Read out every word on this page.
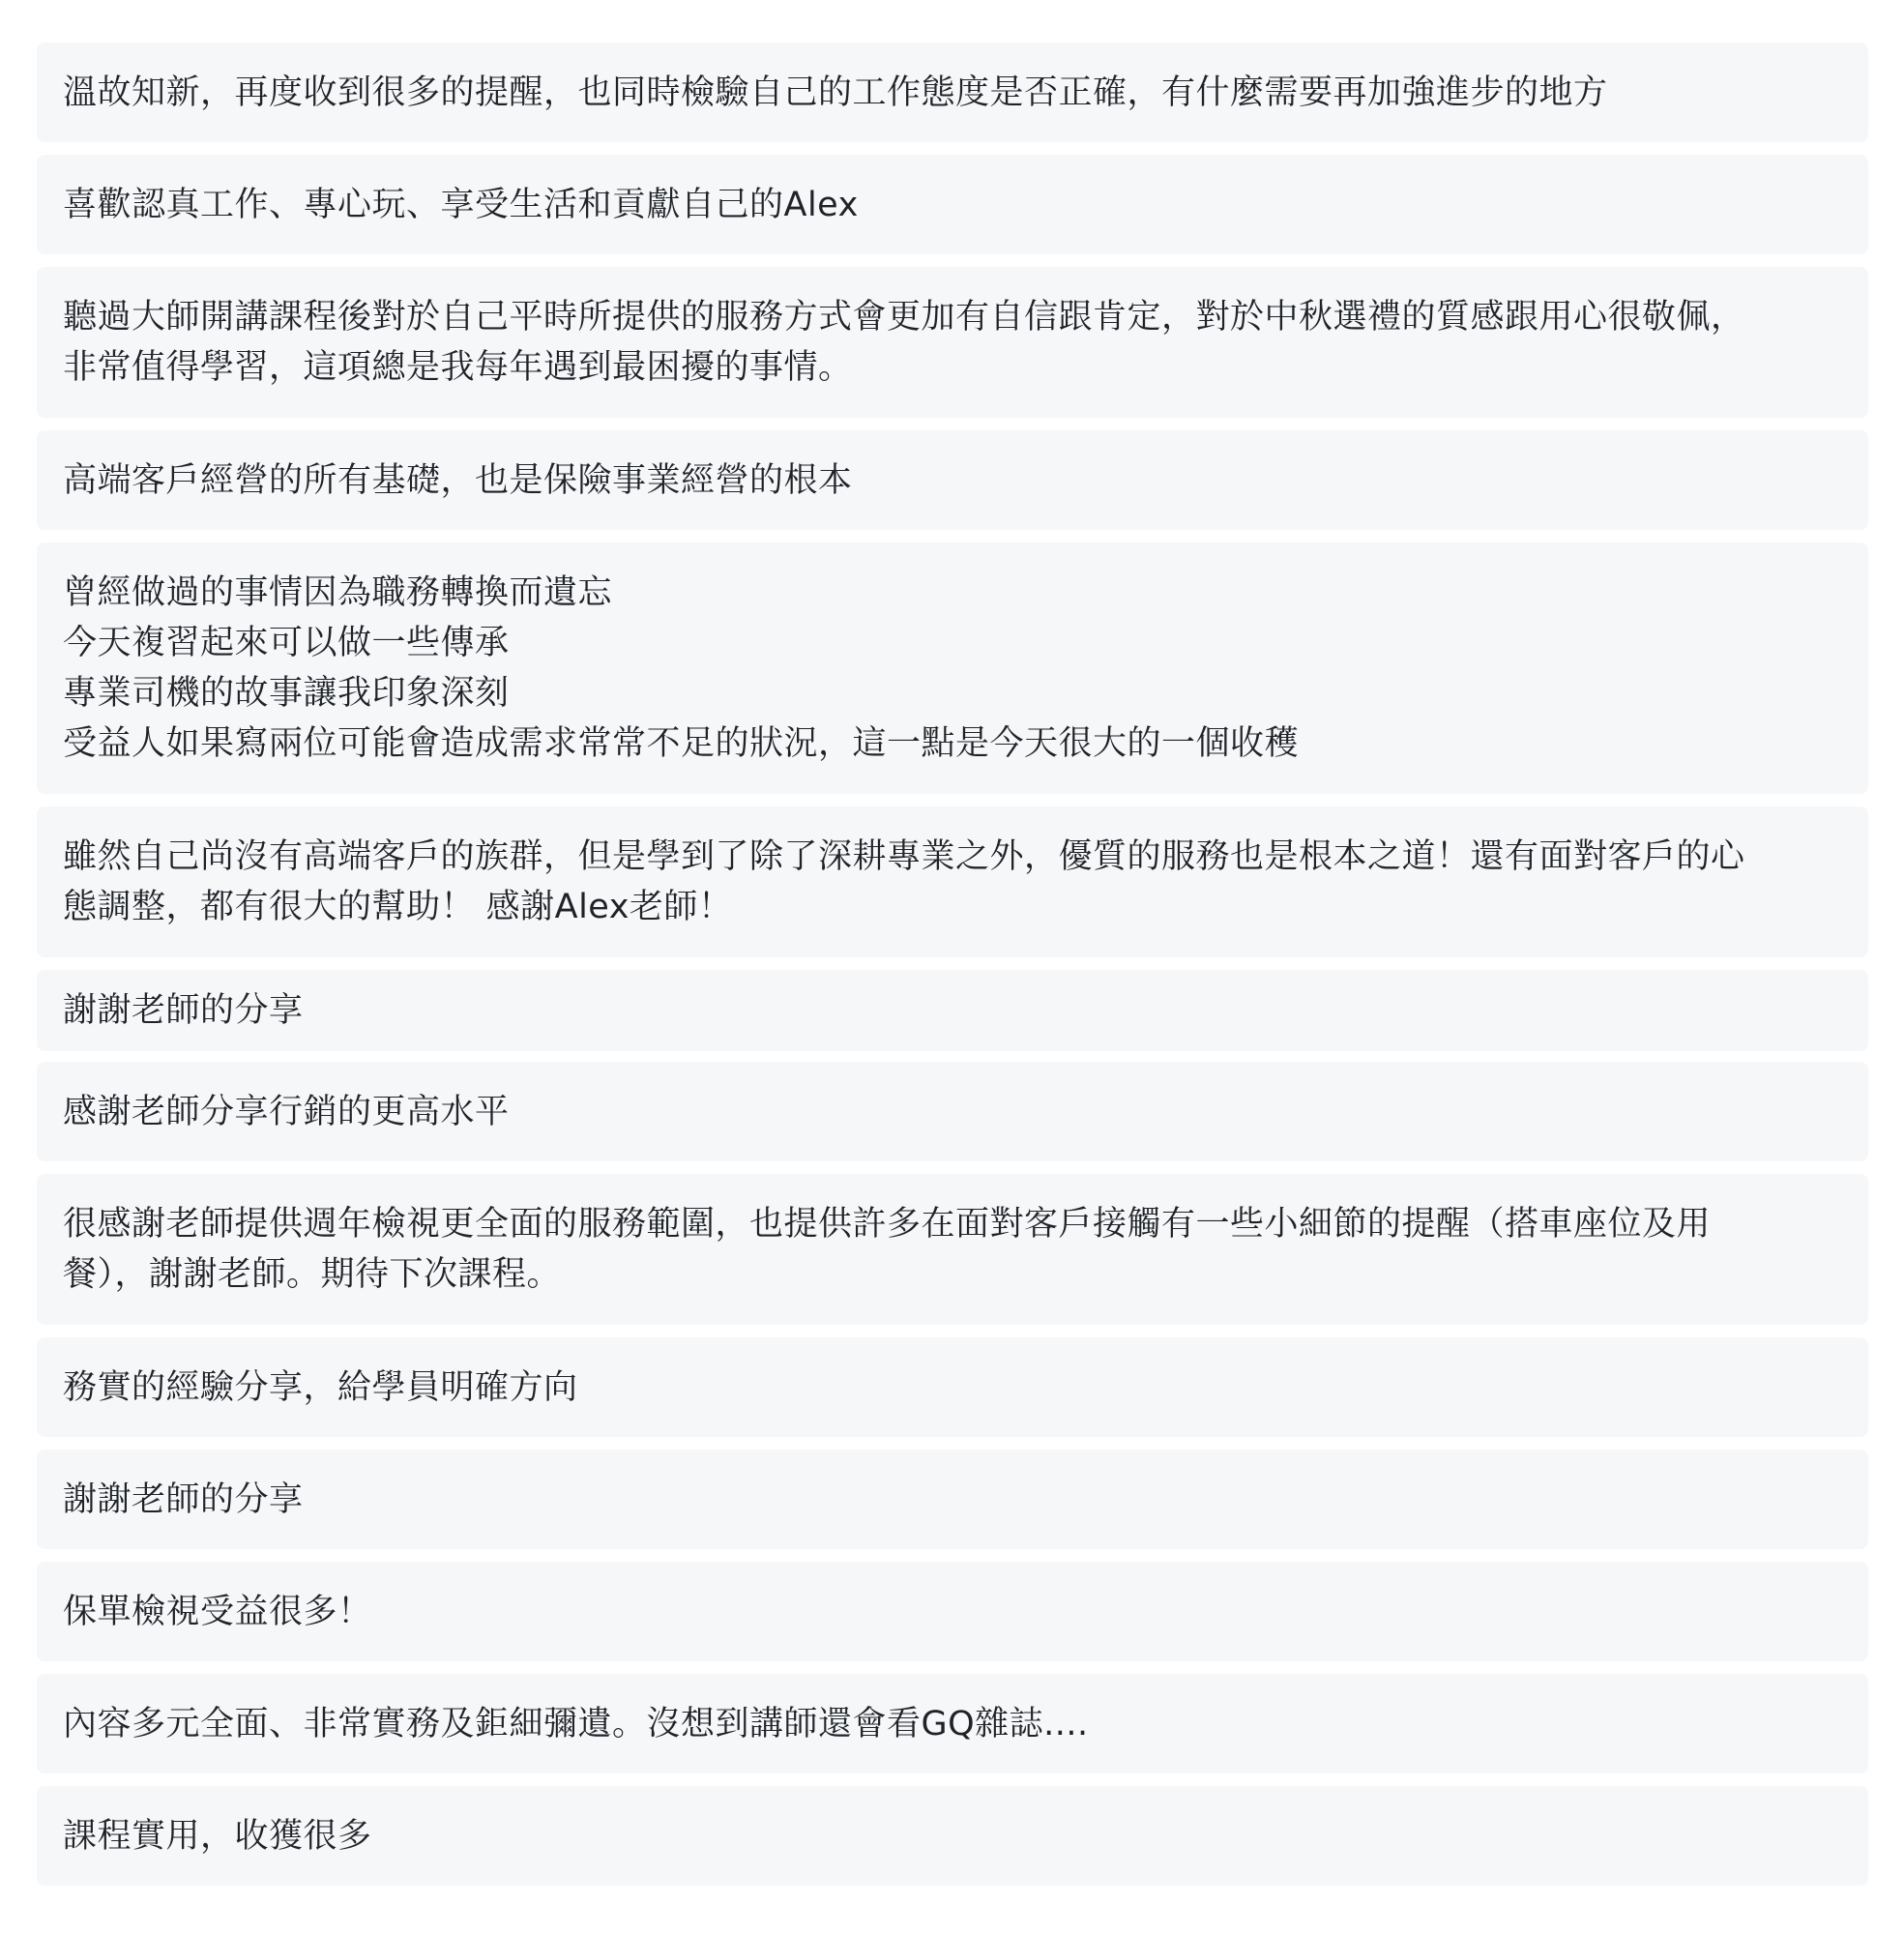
溫故知新，再度收到很多的提醒，也同時檢驗自己的工作態度是否正確，有什麼需要再加強進步的地方
喜歡認真工作、專心玩、享受生活和貢獻自己的Alex
聽過大師開講課程後對於自己平時所提供的服務方式會更加有自信跟肯定，對於中秋選禮的質感跟用心很敬佩，
非常值得學習，這項總是我每年遇到最困擾的事情。
高端客戶經營的所有基礎，也是保險事業經營的根本
曾經做過的事情因為職務轉換而遺忘
今天複習起來可以做一些傳承
專業司機的故事讓我印象深刻
受益人如果寫兩位可能會造成需求常常不足的狀況，這一點是今天很大的一個收穫
雖然自己尚沒有高端客戶的族群，但是學到了除了深耕專業之外，優質的服務也是根本之道！還有面對客戶的心
態調整，都有很大的幫助！ 感謝Alex老師！
謝謝老師的分享
感謝老師分享行銷的更高水平
很感謝老師提供週年檢視更全面的服務範圍，也提供許多在面對客戶接觸有一些小細節的提醒（搭車座位及用
餐），謝謝老師。期待下次課程。
務實的經驗分享，給學員明確方向
謝謝老師的分享
保單檢視受益很多！
內容多元全面、非常實務及鉅細彌遺。沒想到講師還會看GQ雜誌....
課程實用，收獲很多
